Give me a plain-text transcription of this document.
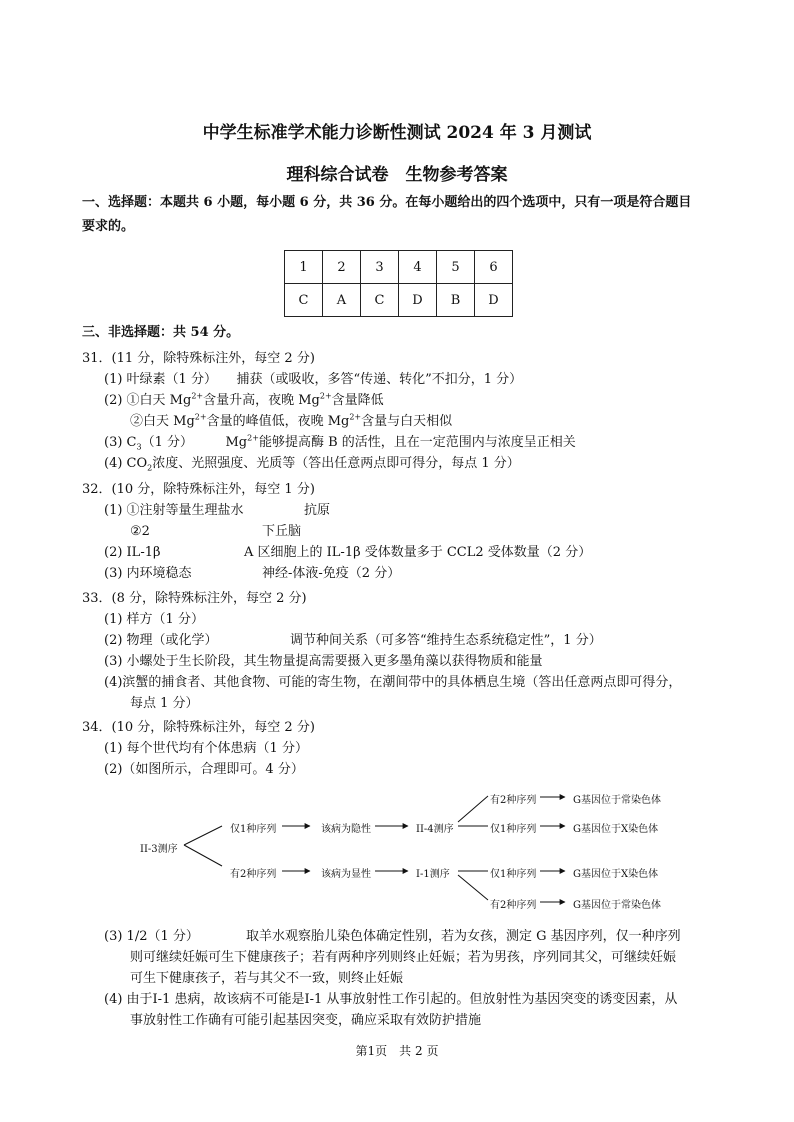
中学生标准学术能力诊断性测试 2024 年 3 月测试
理科综合试卷　生物参考答案
一、选择题：本题共 6 小题，每小题 6 分，共 36 分。在每小题给出的四个选项中，只有一项是符合题目
要求的。
1	2	3	4	5	6
C	A	C	D	B	D
三、非选择题：共 54 分。
31．(11 分，除特殊标注外，每空 2 分)
(1) 叶绿素（1 分）　　捕获（或吸收，多答“传递、转化”不扣分，1 分）
(2) ①白天 $Mg^{2+}$含量升高，夜晚 $Mg^{2+}$含量降低
②白天 $Mg^{2+}$含量的峰值低，夜晚 $Mg^{2+}$含量与白天相似
(3) $C_3(1$ 分）　　　$Mg^{2+}$能够提高酶 B 的活性，且在一定范围内与浓度呈正相关
(4) $CO_2$浓度、光照强度、光质等（答出任意两点即可得分，每点 1 分）
32．(10 分，除特殊标注外，每空 1 分)
(1) ①注射等量生理盐水	抗原
②2	下丘脑
(2) IL-1β	A 区细胞上的 IL-1β 受体数量多于 CCL2 受体数量（2 分）
(3) 内环境稳态	神经-体液-免疫（2 分）
33．(8 分，除特殊标注外，每空 2 分)
(1) 样方（1 分）
(2) 物理（或化学）	调节种间关系（可多答“维持生态系统稳定性”，1 分）
(3) 小螺处于生长阶段，其生物量提高需要摄入更多墨角藻以获得物质和能量
(4)滨蟹的捕食者、其他食物、可能的寄生物，在潮间带中的具体栖息生境（答出任意两点即可得分，
每点 1 分）
34．(10 分，除特殊标注外，每空 2 分)
(1) 每个世代均有个体患病（1 分）
(2)（如图所示，合理即可。4 分）
II-3测序
仅1种序列	该病为隐性	II-4测序
有2种序列	G基因位于常染色体
仅1种序列	G基因位于X染色体
有2种序列	该病为显性	I-1测序	仅1种序列	G基因位于X染色体
有2种序列	G基因位于常染色体
(3) 1/2（1 分）	取羊水观察胎儿染色体确定性别，若为女孩，测定 G 基因序列，仅一种序列
则可继续妊娠可生下健康孩子；若有两种序列则终止妊娠；若为男孩，序列同其父，可继续妊娠
可生下健康孩子，若与其父不一致，则终止妊娠
(4) 由于I-1 患病，故该病不可能是I-1 从事放射性工作引起的。但放射性为基因突变的诱变因素，从
事放射性工作确有可能引起基因突变，确应采取有效防护措施
第1页　共 2 页
